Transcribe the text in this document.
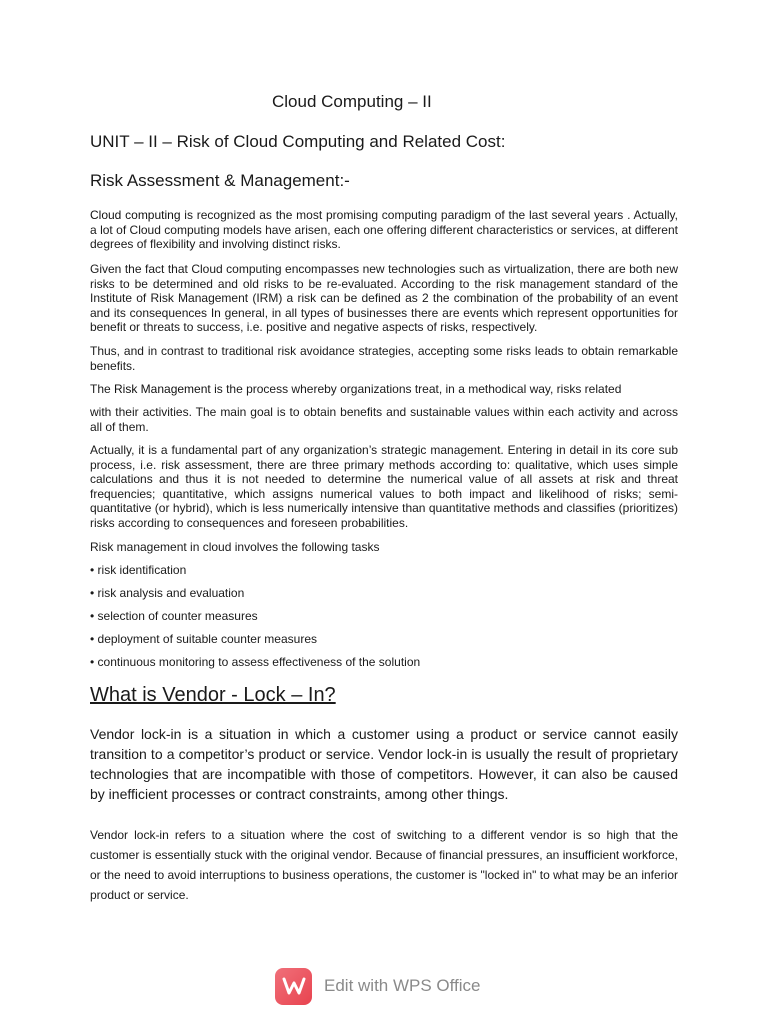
Cloud Computing – II
UNIT – II – Risk of Cloud Computing and Related Cost:
Risk Assessment & Management:-

Cloud computing is recognized as the most promising computing paradigm of the last several years . Actually, a lot of Cloud computing models have arisen, each one offering different characteristics or services, at different degrees of flexibility and involving distinct risks.

Given the fact that Cloud computing encompasses new technologies such as virtualization, there are both new risks to be determined and old risks to be re-evaluated. According to the risk management standard of the Institute of Risk Management (IRM) a risk can be defined as 2 the combination of the probability of an event and its consequences In general, in all types of businesses there are events which represent opportunities for benefit or threats to success, i.e. positive and negative aspects of risks, respectively.

Thus, and in contrast to traditional risk avoidance strategies, accepting some risks leads to obtain remarkable benefits.

The Risk Management is the process whereby organizations treat, in a methodical way, risks related

with their activities. The main goal is to obtain benefits and sustainable values within each activity and across all of them.

Actually, it is a fundamental part of any organization’s strategic management. Entering in detail in its core sub process, i.e. risk assessment, there are three primary methods according to: qualitative, which uses simple calculations and thus it is not needed to determine the numerical value of all assets at risk and threat frequencies; quantitative, which assigns numerical values to both impact and likelihood of risks; semi-quantitative (or hybrid), which is less numerically intensive than quantitative methods and classifies (prioritizes) risks according to consequences and foreseen probabilities.

Risk management in cloud involves the following tasks

• risk identification
• risk analysis and evaluation
• selection of counter measures
• deployment of suitable counter measures
• continuous monitoring to assess effectiveness of the solution
What is Vendor - Lock – In?
Vendor lock-in is a situation in which a customer using a product or service cannot easily transition to a competitor’s product or service. Vendor lock-in is usually the result of proprietary technologies that are incompatible with those of competitors. However, it can also be caused by inefficient processes or contract constraints, among other things.
Vendor lock-in refers to a situation where the cost of switching to a different vendor is so high that the customer is essentially stuck with the original vendor. Because of financial pressures, an insufficient workforce, or the need to avoid interruptions to business operations, the customer is "locked in" to what may be an inferior product or service.
Edit with WPS Office
